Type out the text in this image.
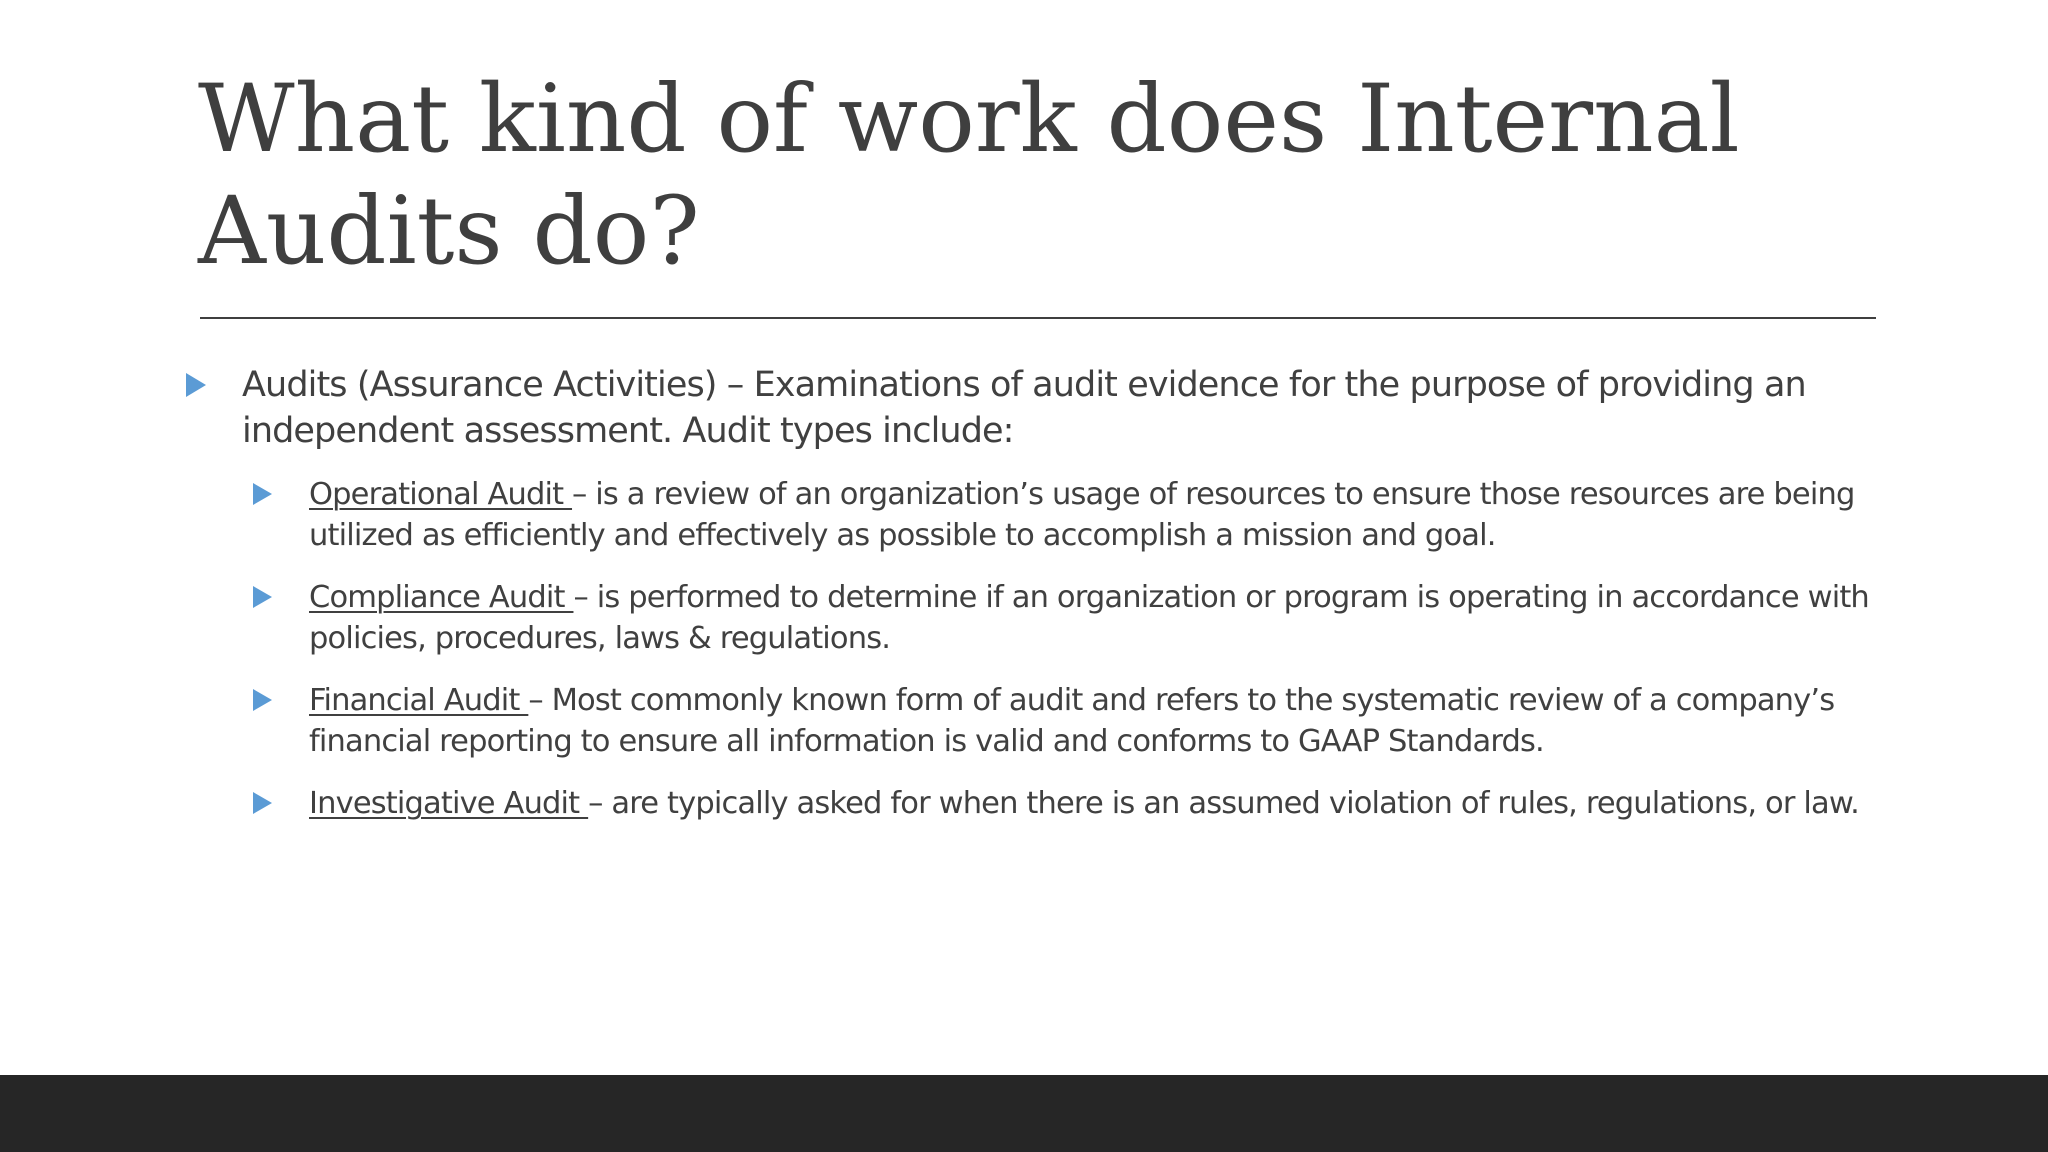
What kind of work does Internal Audits do?
Audits (Assurance Activities) – Examinations of audit evidence for the purpose of providing an independent assessment. Audit types include:
Operational Audit – is a review of an organization’s usage of resources to ensure those resources are being utilized as efficiently and effectively as possible to accomplish a mission and goal.
Compliance Audit – is performed to determine if an organization or program is operating in accordance with policies, procedures, laws & regulations.
Financial Audit – Most commonly known form of audit and refers to the systematic review of a company’s financial reporting to ensure all information is valid and conforms to GAAP Standards.
Investigative Audit – are typically asked for when there is an assumed violation of rules, regulations, or law.
